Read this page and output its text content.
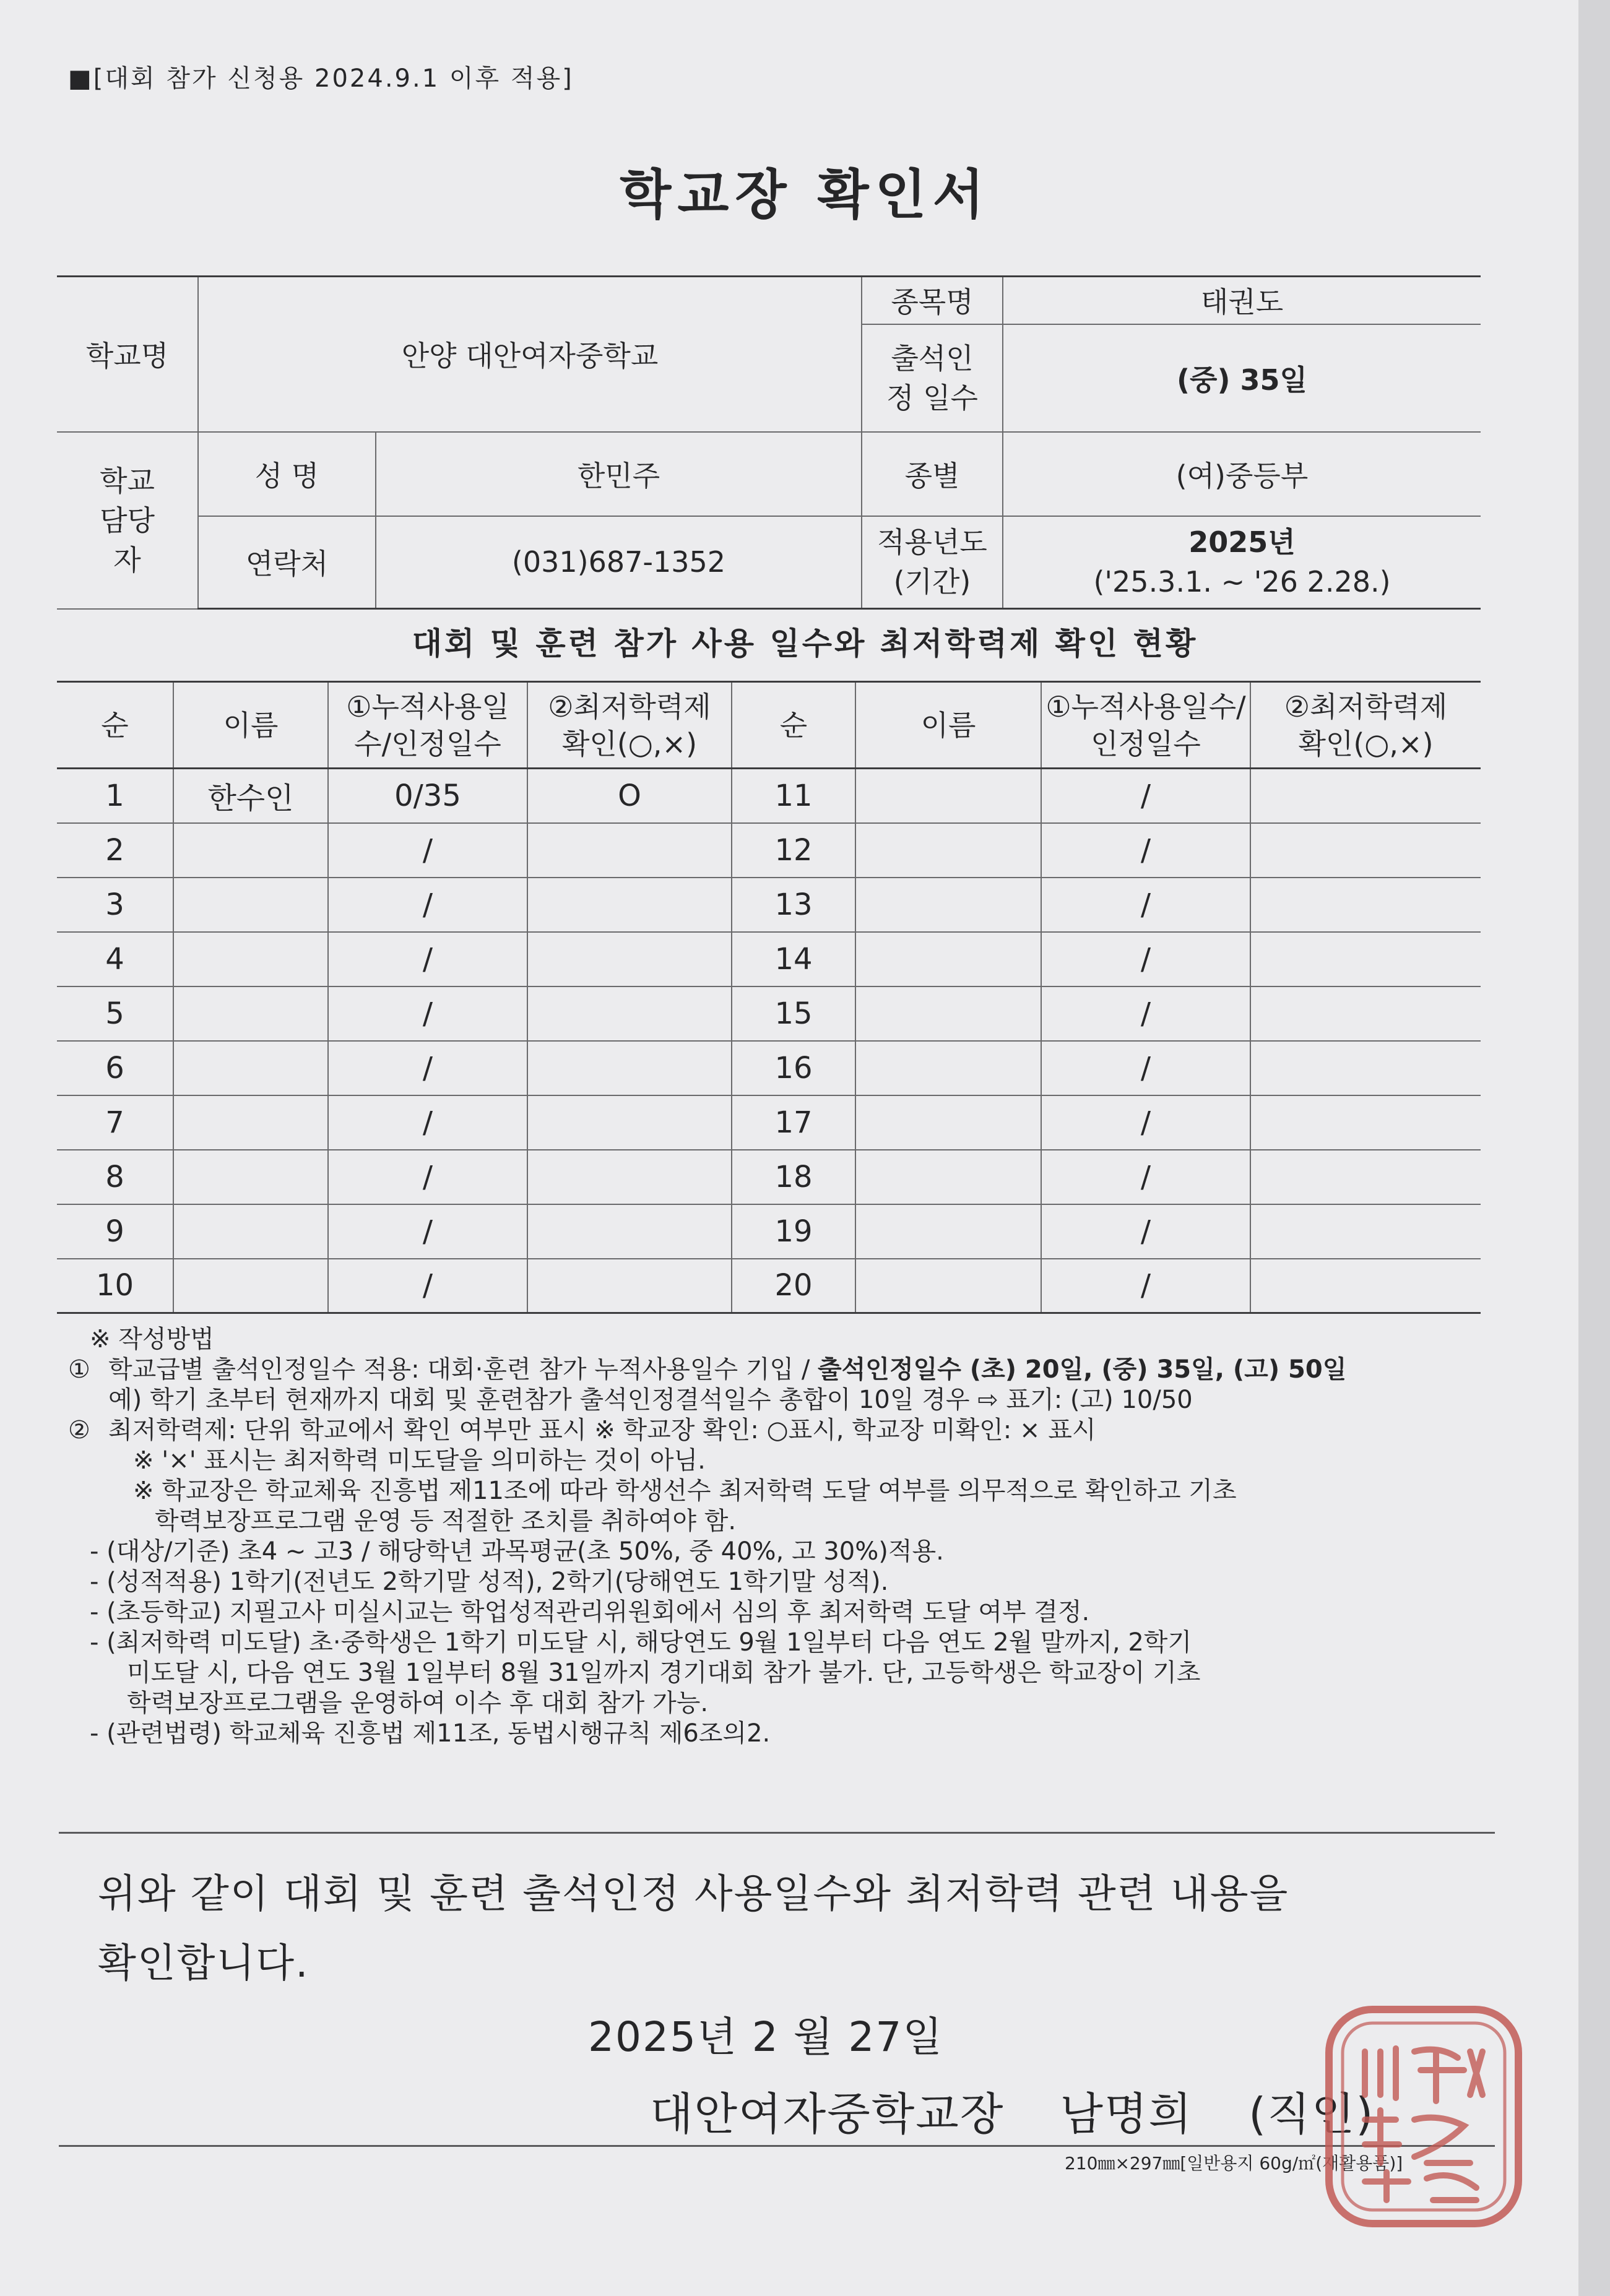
■[대회 참가 신청용 2024.9.1 이후 적용]
학교장 확인서
학교명	안양 대안여자중학교		종목명	태권도
			출석인정 일수	(중) 35일
학교 담당자	성 명	한민주	종별	(여)중등부
	연락처	(031)687-1352	적용년도 (기간)	2025년
('25.3.1. ~ '26 2.28.)
대회 및 훈련 참가 사용 일수와 최저학력제 확인 현황
순	이름	①누적사용일수/인정일수	②최저학력제 확인(○,×)	순	이름	①누적사용일수/인정일수	②최저학력제 확인(○,×)
1	한수인	0/35	O	11		/	
2		/		12		/	
3		/		13		/	
4		/		14		/	
5		/		15		/	
6		/		16		/	
7		/		17		/	
8		/		18		/	
9		/		19		/	
10		/		20		/	
※ 작성방법
① 학교급별 출석인정일수 적용: 대회·훈련 참가 누적사용일수 기입 / 출석인정일수 (초) 20일, (중) 35일, (고) 50일
예) 학기 초부터 현재까지 대회 및 훈련참가 출석인정결석일수 총합이 10일 경우 ⇨ 표기: (고) 10/50
② 최저학력제: 단위 학교에서 확인 여부만 표시 ※ 학교장 확인: ○표시, 학교장 미확인: × 표시
※ '×' 표시는 최저학력 미도달을 의미하는 것이 아님.
※ 학교장은 학교체육 진흥법 제11조에 따라 학생선수 최저학력 도달 여부를 의무적으로 확인하고 기초
학력보장프로그램 운영 등 적절한 조치를 취하여야 함.
- (대상/기준) 초4 ~ 고3 / 해당학년 과목평균(초 50%, 중 40%, 고 30%)적용.
- (성적적용) 1학기(전년도 2학기말 성적), 2학기(당해연도 1학기말 성적).
- (초등학교) 지필고사 미실시교는 학업성적관리위원회에서 심의 후 최저학력 도달 여부 결정.
- (최저학력 미도달) 초·중학생은 1학기 미도달 시, 해당연도 9월 1일부터 다음 연도 2월 말까지, 2학기
미도달 시, 다음 연도 3월 1일부터 8월 31일까지 경기대회 참가 불가. 단, 고등학생은 학교장이 기초
학력보장프로그램을 운영하여 이수 후 대회 참가 가능.
- (관련법령) 학교체육 진흥법 제11조, 동법시행규칙 제6조의2.
위와 같이 대회 및 훈련 출석인정 사용일수와 최저학력 관련 내용을
확인합니다.
2025년 2 월 27일
대안여자중학교장 남명희 (직인)
210㎜×297㎜[일반용지 60g/㎡(재활용품)]
